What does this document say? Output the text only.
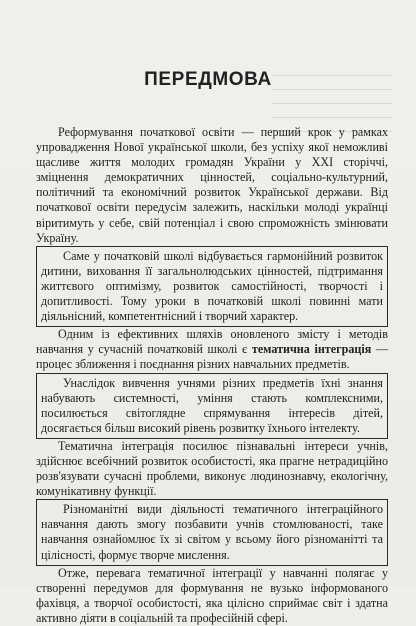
ПЕРЕДМОВА

Реформування початкової освіти — перший крок у рамках упровадження Нової української школи, без успіху якої неможливі щасливе життя молодих громадян України у XXI сторіччі, зміцнення демократичних цінностей, соціально-культурний, політичний та економічний розвиток Української держави. Від початкової освіти передусім залежить, наскільки молоді українці віритимуть у себе, свій потенціал і свою спроможність змінювати Україну.

Саме у початковій школі відбувається гармонійний розвиток дитини, виховання її загальнолюдських цінностей, підтримання життєвого оптимізму, розвиток самостійності, творчості і допитливості. Тому уроки в початковій школі повинні мати діяльнісний, компетентнісний і творчий характер.

Одним із ефективних шляхів оновленого змісту і методів навчання у сучасній початковій школі є тематична інтеграція — процес зближення і поєднання різних навчальних предметів.

Унаслідок вивчення учнями різних предметів їхні знання набувають системності, уміння стають комплексними, посилюється світоглядне спрямування інтересів дітей, досягається більш високий рівень розвитку їхнього інтелекту.

Тематична інтеграція посилює пізнавальні інтереси учнів, здійснює всебічний розвиток особистості, яка прагне нетрадиційно розв'язувати сучасні проблеми, виконує людинознавчу, екологічну, комунікативну функції.

Різноманітні види діяльності тематичного інтеграційного навчання дають змогу позбавити учнів стомлюваності, таке навчання ознайомлює їх зі світом у всьому його різноманітті та цілісності, формує творче мислення.

Отже, перевага тематичної інтеграції у навчанні полягає у створенні передумов для формування не вузько інформованого фахівця, а творчої особистості, яка цілісно сприймає світ і здатна активно діяти в соціальній та професійній сфері.
